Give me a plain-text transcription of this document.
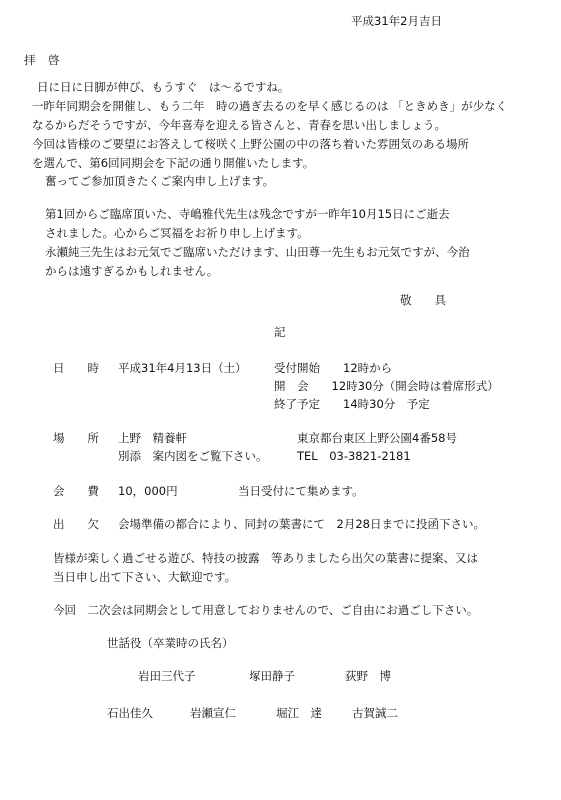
平成31年2月吉日
拝　啓
日に日に日脚が伸び、もうすぐ　は～るですね。
一昨年同期会を開催し、もう二年　時の過ぎ去るのを早く感じるのは 「ときめき」が少なく
なるからだそうですが、今年喜寿を迎える皆さんと、青春を思い出しましょう。
今回は皆様のご要望にお答えして桜咲く上野公園の中の落ち着いた雰囲気のある場所
を選んで、第6回同期会を下記の通り開催いたします。
奮ってご参加頂きたくご案内申し上げます。
第1回からご臨席頂いた、寺嶋雅代先生は残念ですが一昨年10月15日にご逝去
されました。心からご冥福をお祈り申し上げます。
永瀬純三先生はお元気でご臨席いただけます、山田尊一先生もお元気ですが、今治
からは遠すぎるかもしれません。
敬　　具
記
日　　時 平成31年4月13日（土） 受付開始　　12時から
開　会　　12時30分（開会時は着席形式）
終了予定　　14時30分　予定
場　　所 上野　精養軒	東京都台東区上野公園4番58号
別添　案内図をご覧下さい。	TEL　03-3821-2181
会　　費 10，000円	当日受付にて集めます。
出　　欠 会場準備の都合により、同封の葉書にて　2月28日までに投函下さい。
皆様が楽しく過ごせる遊び、特技の披露　等ありましたら出欠の葉書に提案、又は
当日申し出て下さい、大歓迎です。
今回　二次会は同期会として用意しておりませんので、ご自由にお過ごし下さい。
世話役（卒業時の氏名）
岩田三代子	塚田静子	荻野　博
石出佳久	岩瀬宣仁	堀江　達	古賀誠二
